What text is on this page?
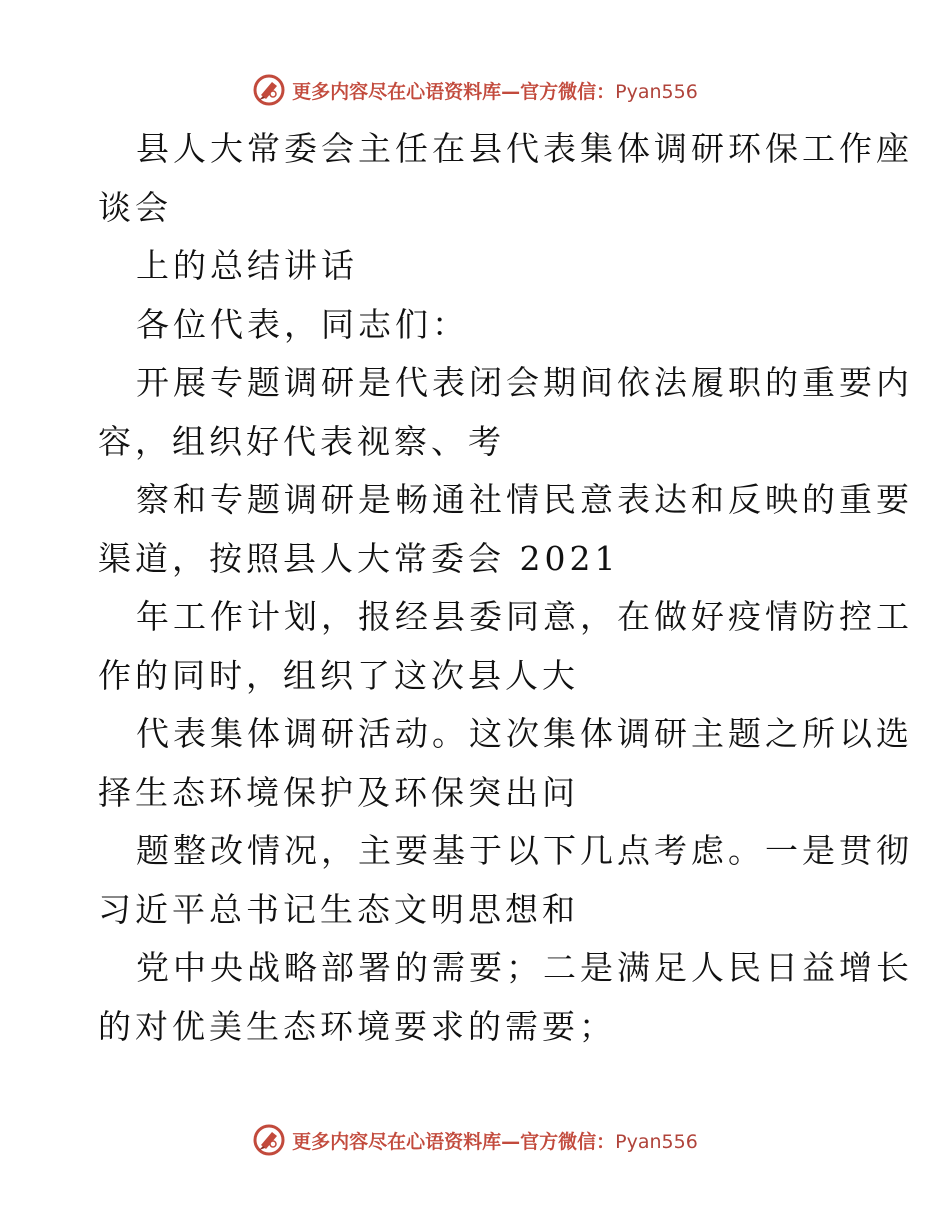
更多内容尽在心语资料库—官方微信：Pyan556
县人大常委会主任在县代表集体调研环保工作座
谈会
上的总结讲话
各位代表，同志们：
开展专题调研是代表闭会期间依法履职的重要内
容，组织好代表视察、考
察和专题调研是畅通社情民意表达和反映的重要
渠道，按照县人大常委会 2021
年工作计划，报经县委同意，在做好疫情防控工
作的同时，组织了这次县人大
代表集体调研活动。这次集体调研主题之所以选
择生态环境保护及环保突出问
题整改情况，主要基于以下几点考虑。一是贯彻
习近平总书记生态文明思想和
党中央战略部署的需要；二是满足人民日益增长
的对优美生态环境要求的需要；
更多内容尽在心语资料库—官方微信：Pyan556
